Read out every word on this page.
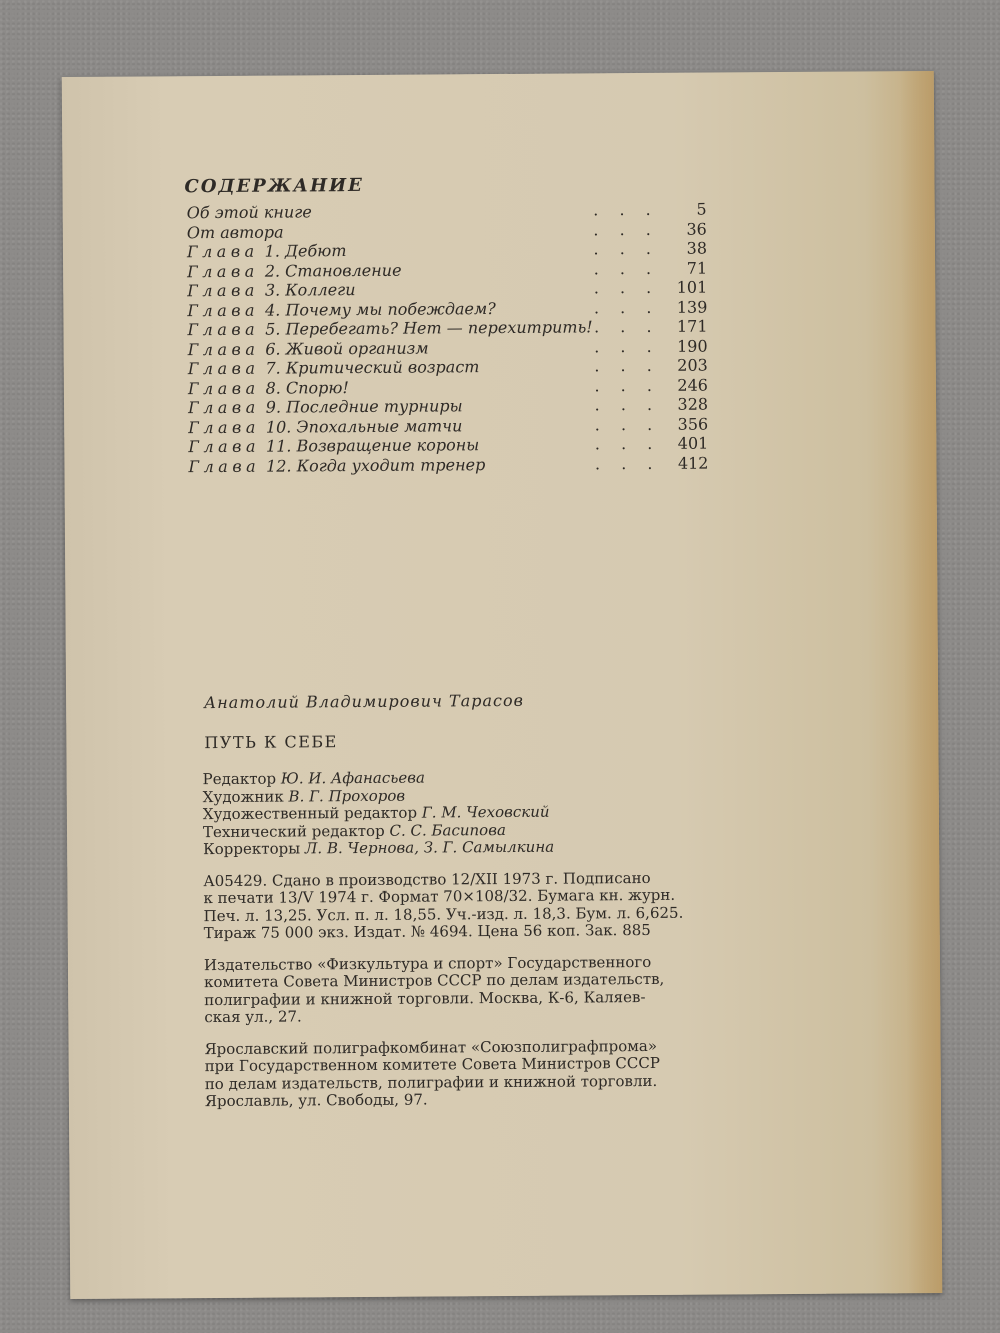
СОДЕРЖАНИЕ
Об этой книге	. . .	5
От автора	. . .	36
Глава 1. Дебют	. . .	38
Глава 2. Становление	. . .	71
Глава 3. Коллеги	. . .	101
Глава 4. Почему мы побеждаем?	. . .	139
Глава 5. Перебегать? Нет — перехитрить! . . .	171
Глава 6. Живой организм	. . .	190
Глава 7. Критический возраст	. . .	203
Глава 8. Спорю!	. . .	246
Глава 9. Последние турниры	. . .	328
Глава 10. Эпохальные матчи	. . .	356
Глава 11. Возвращение короны	. . .	401
Глава 12. Когда уходит тренер	. . .	412

Анатолий Владимирович Тарасов

ПУТЬ К СЕБЕ

Редактор Ю. И. Афанасьева

Художник В. Г. Прохоров

Художественный редактор Г. М. Чеховский

Технический редактор С. С. Басипова

Корректоры Л. В. Чернова, З. Г. Самылкина

А05429. Сдано в производство 12/XII 1973 г. Подписано

к печати 13/V 1974 г. Формат 70×108/32. Бумага кн. журн.

Печ. л. 13,25. Усл. п. л. 18,55. Уч.-изд. л. 18,3. Бум. л. 6,625.

Тираж 75 000 экз. Издат. № 4694. Цена 56 коп. Зак. 885

Издательство «Физкультура и спорт» Государственного

комитета Совета Министров СССР по делам издательств,

полиграфии и книжной торговли. Москва, К-6, Каляев-

ская ул., 27.

Ярославский полиграфкомбинат «Союзполиграфпрома»

при Государственном комитете Совета Министров СССР

по делам издательств, полиграфии и книжной торговли.

Ярославль, ул. Свободы, 97.
